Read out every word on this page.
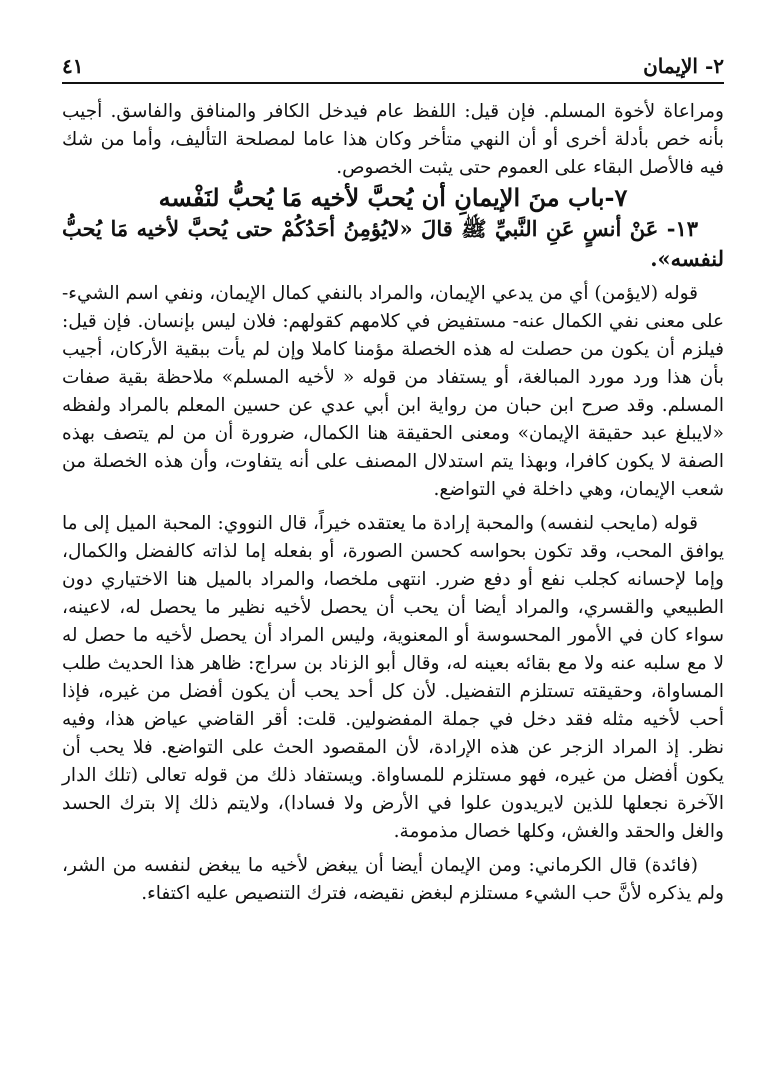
٢- الإيمان
٤١

ومراعاة لأخوة المسلم. فإن قيل: اللفظ عام فيدخل الكافر والمنافق والفاسق. أجيب بأنه خص بأدلة أخرى أو أن النهي متأخر وكان هذا عاما لمصلحة التأليف، وأما من شك فيه فالأصل البقاء على العموم حتى يثبت الخصوص.

٧-باب منَ الإيمانِ أن يُحبَّ لأخيه مَا يُحبُّ لنَفْسه

١٣- عَنْ أنسٍ عَنِ النَّبيِّ ﷺ قالَ «لايُؤمِنُ أحَدُكُمْ حتى يُحبَّ لأخيه مَا يُحبُّ لنفسه».

قوله (لايؤمن) أي من يدعي الإيمان، والمراد بالنفي كمال الإيمان، ونفي اسم الشيء- على معنى نفي الكمال عنه- مستفيض في كلامهم كقولهم: فلان ليس بإنسان. فإن قيل: فيلزم أن يكون من حصلت له هذه الخصلة مؤمنا كاملا وإن لم يأت ببقية الأركان، أجيب بأن هذا ورد مورد المبالغة، أو يستفاد من قوله « لأخيه المسلم» ملاحظة بقية صفات المسلم. وقد صرح ابن حبان من رواية ابن أبي عدي عن حسين المعلم بالمراد ولفظه «لايبلغ عبد حقيقة الإيمان» ومعنى الحقيقة هنا الكمال، ضرورة أن من لم يتصف بهذه الصفة لا يكون كافرا، وبهذا يتم استدلال المصنف على أنه يتفاوت، وأن هذه الخصلة من شعب الإيمان، وهي داخلة في التواضع.

قوله (مايحب لنفسه) والمحبة إرادة ما يعتقده خيراً، قال النووي: المحبة الميل إلى ما يوافق المحب، وقد تكون بحواسه كحسن الصورة، أو بفعله إما لذاته كالفضل والكمال، وإما لإحسانه كجلب نفع أو دفع ضرر. انتهى ملخصا، والمراد بالميل هنا الاختياري دون الطبيعي والقسري، والمراد أيضا أن يحب أن يحصل لأخيه نظير ما يحصل له، لاعينه، سواء كان في الأمور المحسوسة أو المعنوية، وليس المراد أن يحصل لأخيه ما حصل له لا مع سلبه عنه ولا مع بقائه بعينه له، وقال أبو الزناد بن سراج: ظاهر هذا الحديث طلب المساواة، وحقيقته تستلزم التفضيل. لأن كل أحد يحب أن يكون أفضل من غيره، فإذا أحب لأخيه مثله فقد دخل في جملة المفضولين. قلت: أقر القاضي عياض هذا، وفيه نظر. إذ المراد الزجر عن هذه الإرادة، لأن المقصود الحث على التواضع. فلا يحب أن يكون أفضل من غيره، فهو مستلزم للمساواة. ويستفاد ذلك من قوله تعالى (تلك الدار الآخرة نجعلها للذين لايريدون علوا في الأرض ولا فسادا)، ولايتم ذلك إلا بترك الحسد والغل والحقد والغش، وكلها خصال مذمومة.

(فائدة) قال الكرماني: ومن الإيمان أيضا أن يبغض لأخيه ما يبغض لنفسه من الشر، ولم يذكره لأنَّ حب الشيء مستلزم لبغض نقيضه، فترك التنصيص عليه اكتفاء.
